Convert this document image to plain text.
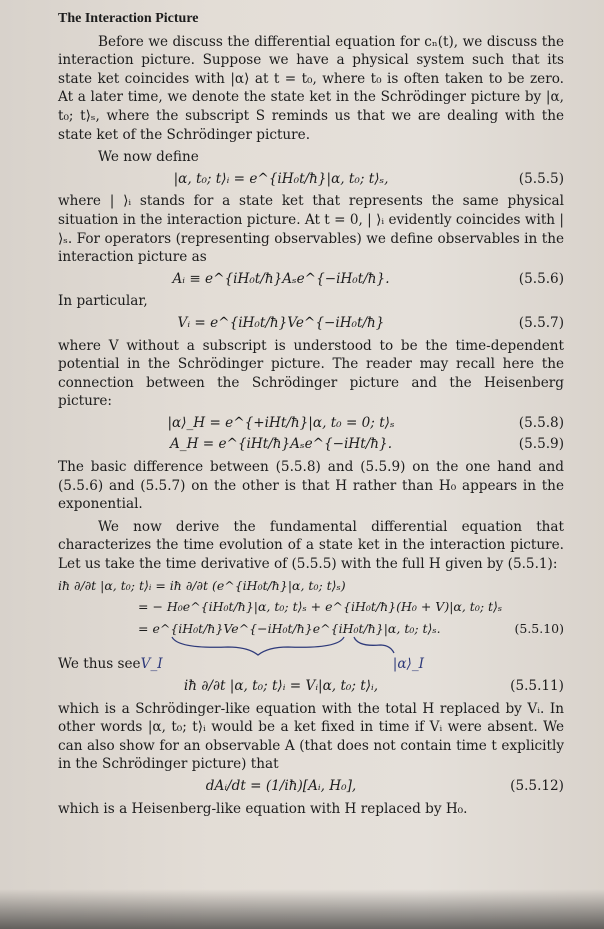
The Interaction Picture

Before we discuss the differential equation for cₙ(t), we discuss the interaction picture. Suppose we have a physical system such that its state ket coincides with |α⟩ at t = t₀, where t₀ is often taken to be zero. At a later time, we denote the state ket in the Schrödinger picture by |α, t₀; t⟩ₛ, where the subscript S reminds us that we are dealing with the state ket of the Schrödinger picture.

We now define

|α, t₀; t⟩ᵢ = e^{iH₀t/ħ}|α, t₀; t⟩ₛ,	(5.5.5)

where | ⟩ᵢ stands for a state ket that represents the same physical situation in the interaction picture. At t = 0, | ⟩ᵢ evidently coincides with | ⟩ₛ. For operators (representing observables) we define observables in the interaction picture as

Aᵢ ≡ e^{iH₀t/ħ}Aₛe^{−iH₀t/ħ}.	(5.5.6)

In particular,

Vᵢ = e^{iH₀t/ħ}Ve^{−iH₀t/ħ}	(5.5.7)

where V without a subscript is understood to be the time-dependent potential in the Schrödinger picture. The reader may recall here the connection between the Schrödinger picture and the Heisenberg picture:

|α⟩_H = e^{+iHt/ħ}|α, t₀ = 0; t⟩ₛ	(5.5.8)
A_H = e^{iHt/ħ}Aₛe^{−iHt/ħ}.	(5.5.9)

The basic difference between (5.5.8) and (5.5.9) on the one hand and (5.5.6) and (5.5.7) on the other is that H rather than H₀ appears in the exponential.

We now derive the fundamental differential equation that characterizes the time evolution of a state ket in the interaction picture. Let us take the time derivative of (5.5.5) with the full H given by (5.5.1):

iħ ∂/∂t |α, t₀; t⟩ᵢ = iħ ∂/∂t (e^{iH₀t/ħ}|α, t₀; t⟩ₛ)
= − H₀e^{iH₀t/ħ}|α, t₀; t⟩ₛ + e^{iH₀t/ħ}(H₀ + V)|α, t₀; t⟩ₛ
= e^{iH₀t/ħ}Ve^{−iH₀t/ħ}e^{iH₀t/ħ}|α, t₀; t⟩ₛ.	(5.5.10)
We thus see V_I	|α⟩_I
iħ ∂/∂t |α, t₀; t⟩ᵢ = Vᵢ|α, t₀; t⟩ᵢ,	(5.5.11)

which is a Schrödinger-like equation with the total H replaced by Vᵢ. In other words |α, t₀; t⟩ᵢ would be a ket fixed in time if Vᵢ were absent. We can also show for an observable A (that does not contain time t explicitly in the Schrödinger picture) that

dAᵢ/dt = (1/iħ)[Aᵢ, H₀],	(5.5.12)

which is a Heisenberg-like equation with H replaced by H₀.
